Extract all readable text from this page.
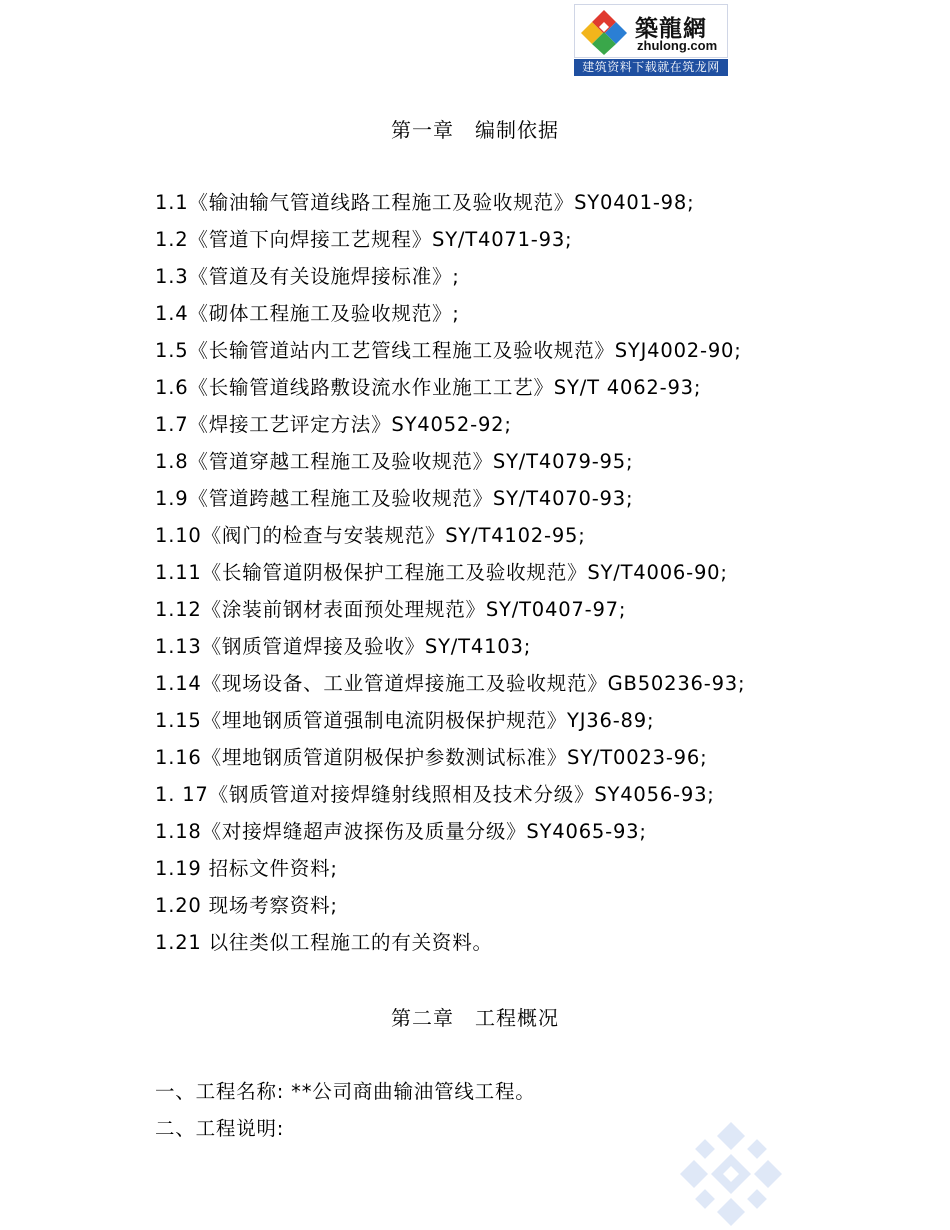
築龍網
zhulong.com
建筑资料下载就在筑龙网
第一章　编制依据
1.1《输油输气管道线路工程施工及验收规范》SY0401-98;
1.2《管道下向焊接工艺规程》SY/T4071-93;
1.3《管道及有关设施焊接标准》;
1.4《砌体工程施工及验收规范》;
1.5《长输管道站内工艺管线工程施工及验收规范》SYJ4002-90;
1.6《长输管道线路敷设流水作业施工工艺》SY/T 4062-93;
1.7《焊接工艺评定方法》SY4052-92;
1.8《管道穿越工程施工及验收规范》SY/T4079-95;
1.9《管道跨越工程施工及验收规范》SY/T4070-93;
1.10《阀门的检查与安装规范》SY/T4102-95;
1.11《长输管道阴极保护工程施工及验收规范》SY/T4006-90;
1.12《涂装前钢材表面预处理规范》SY/T0407-97;
1.13《钢质管道焊接及验收》SY/T4103;
1.14《现场设备、工业管道焊接施工及验收规范》GB50236-93;
1.15《埋地钢质管道强制电流阴极保护规范》YJ36-89;
1.16《埋地钢质管道阴极保护参数测试标准》SY/T0023-96;
1. 17《钢质管道对接焊缝射线照相及技术分级》SY4056-93;
1.18《对接焊缝超声波探伤及质量分级》SY4065-93;
1.19 招标文件资料;
1.20 现场考察资料;
1.21 以往类似工程施工的有关资料。
第二章　工程概况
一、工程名称: **公司商曲输油管线工程。
二、工程说明:
